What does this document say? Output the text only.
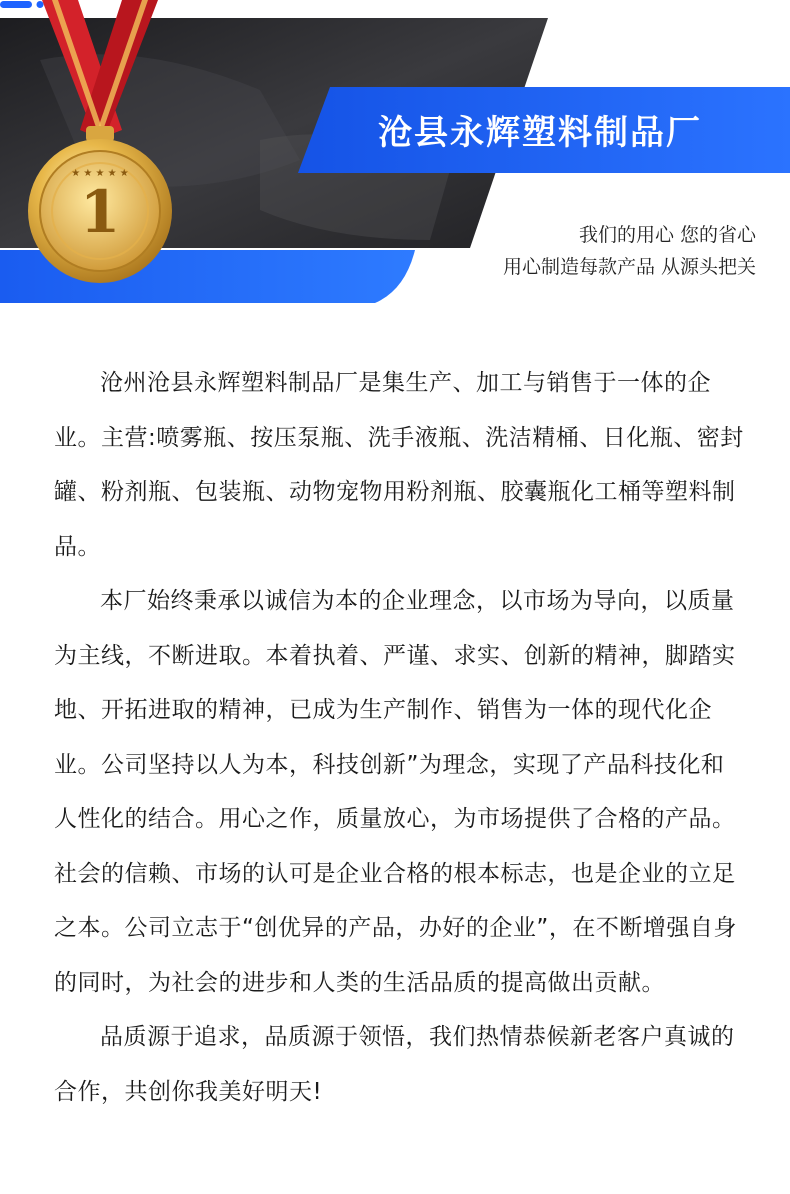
1
★ ★ ★ ★ ★
沧县永辉塑料制品厂
我们的用心 您的省心
用心制造每款产品 从源头把关

沧州沧县永辉塑料制品厂是集生产、加工与销售于一体的企业。主营:喷雾瓶、按压泵瓶、洗手液瓶、洗洁精桶、日化瓶、密封罐、粉剂瓶、包装瓶、动物宠物用粉剂瓶、胶囊瓶化工桶等塑料制品。

本厂始终秉承以诚信为本的企业理念，以市场为导向，以质量为主线，不断进取。本着执着、严谨、求实、创新的精神，脚踏实地、开拓进取的精神，已成为生产制作、销售为一体的现代化企业。公司坚持以人为本，科技创新”为理念，实现了产品科技化和人性化的结合。用心之作，质量放心，为市场提供了合格的产品。 社会的信赖、市场的认可是企业合格的根本标志，也是企业的立足之本。公司立志于“创优异的产品，办好的企业”，在不断增强自身的同时，为社会的进步和人类的生活品质的提高做出贡献。

品质源于追求，品质源于领悟，我们热情恭候新老客户真诚的合作，共创你我美好明天!
